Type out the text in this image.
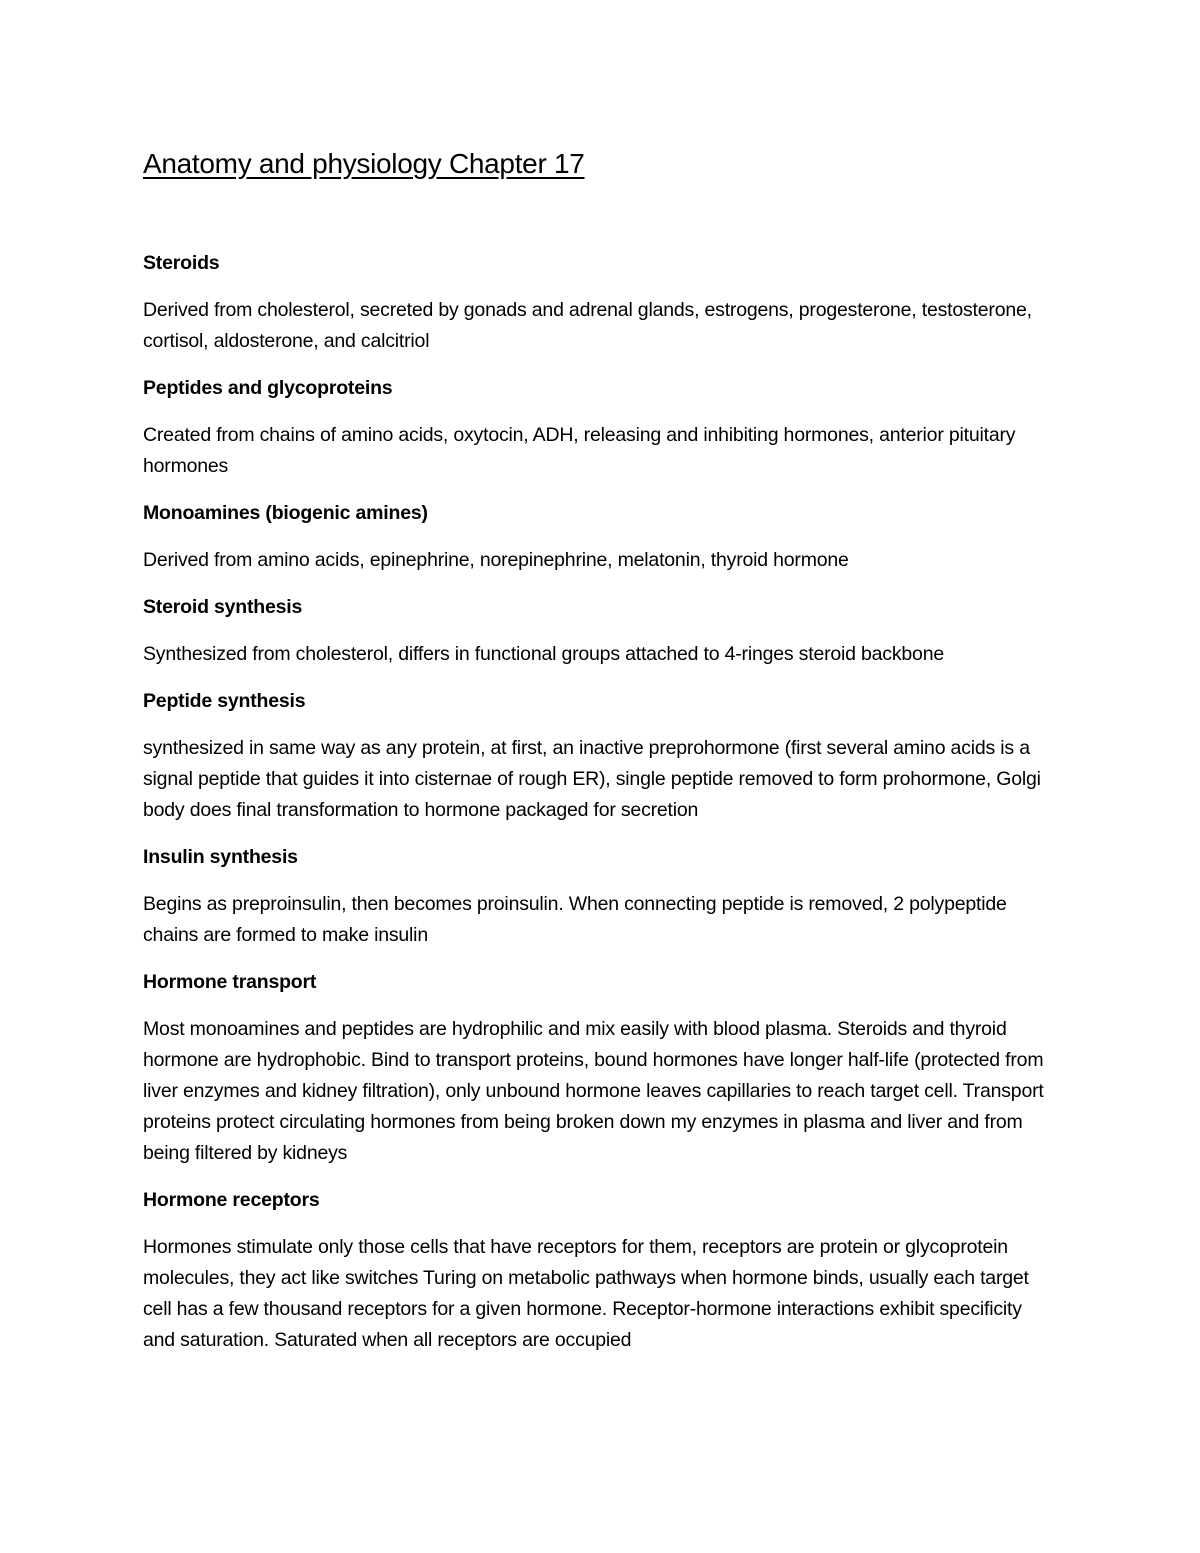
Anatomy and physiology Chapter 17

Steroids

Derived from cholesterol, secreted by gonads and adrenal glands, estrogens, progesterone, testosterone, cortisol, aldosterone, and calcitriol

Peptides and glycoproteins

Created from chains of amino acids, oxytocin, ADH, releasing and inhibiting hormones, anterior pituitary hormones

Monoamines (biogenic amines)

Derived from amino acids, epinephrine, norepinephrine, melatonin, thyroid hormone

Steroid synthesis

Synthesized from cholesterol, differs in functional groups attached to 4-ringes steroid backbone

Peptide synthesis

synthesized in same way as any protein, at first, an inactive preprohormone (first several amino acids is a signal peptide that guides it into cisternae of rough ER), single peptide removed to form prohormone, Golgi body does final transformation to hormone packaged for secretion

Insulin synthesis

Begins as preproinsulin, then becomes proinsulin. When connecting peptide is removed, 2 polypeptide chains are formed to make insulin

Hormone transport

Most monoamines and peptides are hydrophilic and mix easily with blood plasma. Steroids and thyroid hormone are hydrophobic. Bind to transport proteins, bound hormones have longer half-life (protected from liver enzymes and kidney filtration), only unbound hormone leaves capillaries to reach target cell. Transport proteins protect circulating hormones from being broken down my enzymes in plasma and liver and from being filtered by kidneys

Hormone receptors

Hormones stimulate only those cells that have receptors for them, receptors are protein or glycoprotein molecules, they act like switches Turing on metabolic pathways when hormone binds, usually each target cell has a few thousand receptors for a given hormone. Receptor-hormone interactions exhibit specificity and saturation. Saturated when all receptors are occupied
